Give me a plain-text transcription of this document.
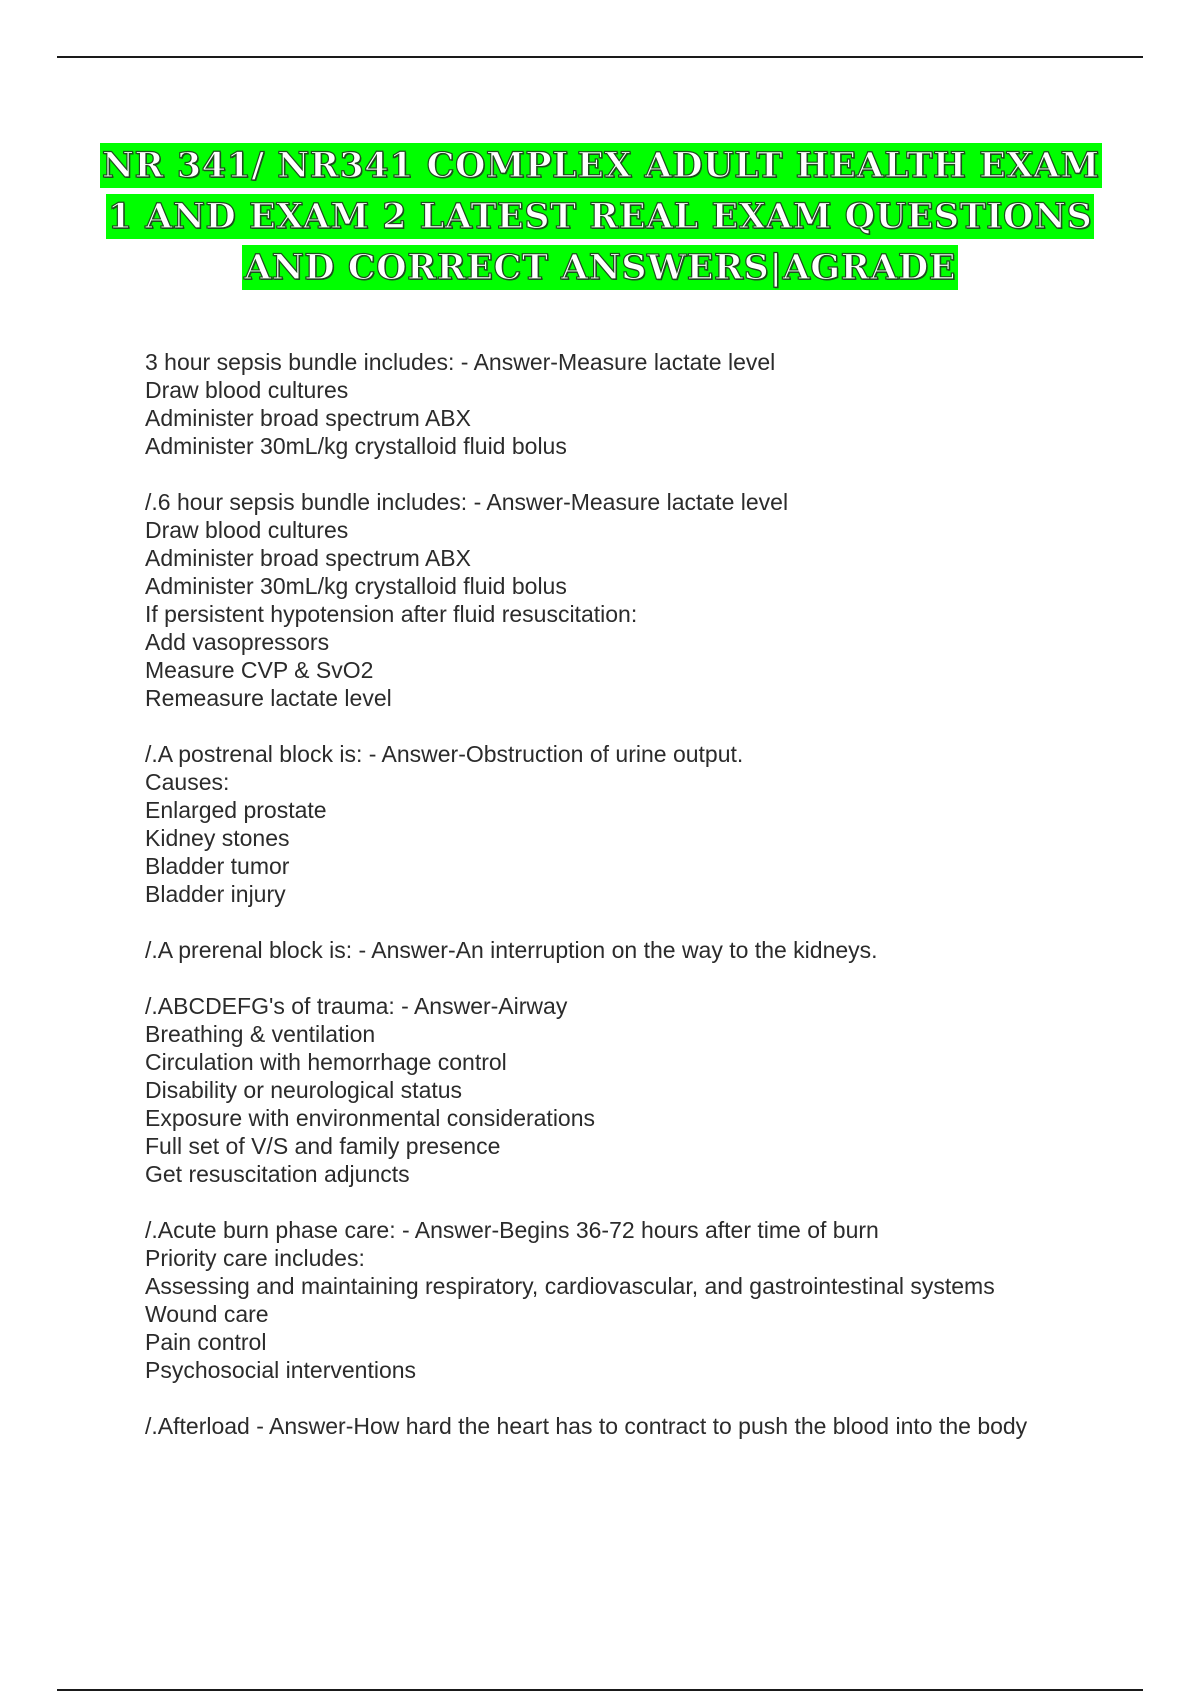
NR 341/ NR341 COMPLEX ADULT HEALTH EXAM 1 AND EXAM 2 LATEST REAL EXAM QUESTIONS AND CORRECT ANSWERS|AGRADE
3 hour sepsis bundle includes: - Answer-Measure lactate level
Draw blood cultures
Administer broad spectrum ABX
Administer 30mL/kg crystalloid fluid bolus
/.6 hour sepsis bundle includes: - Answer-Measure lactate level
Draw blood cultures
Administer broad spectrum ABX
Administer 30mL/kg crystalloid fluid bolus
If persistent hypotension after fluid resuscitation:
Add vasopressors
Measure CVP & SvO2
Remeasure lactate level
/.A postrenal block is: - Answer-Obstruction of urine output.
Causes:
Enlarged prostate
Kidney stones
Bladder tumor
Bladder injury
/.A prerenal block is: - Answer-An interruption on the way to the kidneys.
/.ABCDEFG's of trauma: - Answer-Airway
Breathing & ventilation
Circulation with hemorrhage control
Disability or neurological status
Exposure with environmental considerations
Full set of V/S and family presence
Get resuscitation adjuncts
/.Acute burn phase care: - Answer-Begins 36-72 hours after time of burn
Priority care includes:
Assessing and maintaining respiratory, cardiovascular, and gastrointestinal systems
Wound care
Pain control
Psychosocial interventions
/.Afterload - Answer-How hard the heart has to contract to push the blood into the body
